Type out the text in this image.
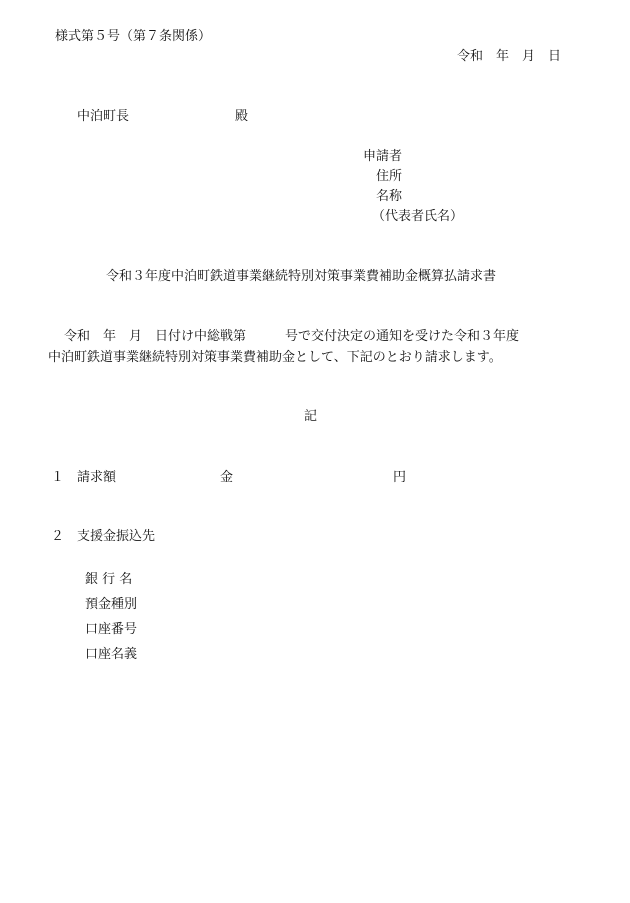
様式第５号（第７条関係）
令和　年　月　日
中泊町長	殿
申請者
住所
名称
（代表者氏名）
令和３年度中泊町鉄道事業継続特別対策事業費補助金概算払請求書
令和　年　月　日付け中総戦第　　　号で交付決定の通知を受けた令和３年度
中泊町鉄道事業継続特別対策事業費補助金として、下記のとおり請求します。
記
１ 請求額	金	円
２ 支援金振込先
銀 行 名
預金種別
口座番号
口座名義
